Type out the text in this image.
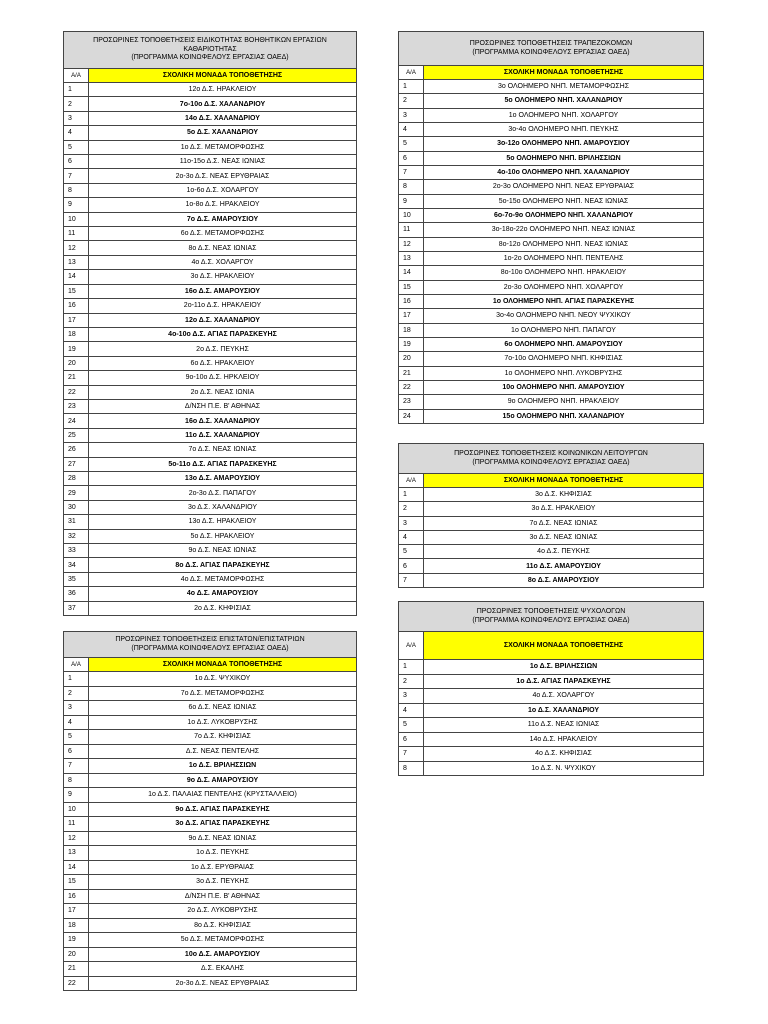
ΠΡΟΣΩΡΙΝΕΣ ΤΟΠΟΘΕΤΗΣΕΙΣ ΕΙΔΙΚΟΤΗΤΑΣ ΒΟΗΘΗΤΙΚΩΝ ΕΡΓΑΣΙΩΝ ΚΑΘΑΡΙΟΤΗΤΑΣ
(ΠΡΟΓΡΑΜΜΑ ΚΟΙΝΩΦΕΛΟΥΣ ΕΡΓΑΣΙΑΣ ΟΑΕΔ)	

Α/Α	ΣΧΟΛΙΚΗ ΜΟΝΑΔΑ ΤΟΠΟΘΕΤΗΣΗΣ
1	12ο Δ.Σ. ΗΡΑΚΛΕΙΟΥ
2	7ο-10ο Δ.Σ. ΧΑΛΑΝΔΡΙΟΥ
3	14ο Δ.Σ. ΧΑΛΑΝΔΡΙΟΥ
4	5ο Δ.Σ. ΧΑΛΑΝΔΡΙΟΥ
5	1ο Δ.Σ. ΜΕΤΑΜΟΡΦΩΣΗΣ
6	11ο-15ο Δ.Σ. ΝΕΑΣ ΙΩΝΙΑΣ
7	2ο-3ο Δ.Σ. ΝΕΑΣ ΕΡΥΘΡΑΙΑΣ
8	1ο-6ο Δ.Σ. ΧΟΛΑΡΓΟΥ
9	1ο-8ο Δ.Σ. ΗΡΑΚΛΕΙΟΥ
10	7ο Δ.Σ. ΑΜΑΡΟΥΣΙΟΥ
11	6ο Δ.Σ. ΜΕΤΑΜΟΡΦΩΣΗΣ
12	8ο Δ.Σ. ΝΕΑΣ ΙΩΝΙΑΣ
13	4ο Δ.Σ. ΧΟΛΑΡΓΟΥ
14	3ο Δ.Σ. ΗΡΑΚΛΕΙΟΥ
15	16ο Δ.Σ. ΑΜΑΡΟΥΣΙΟΥ
16	2ο-11ο Δ.Σ. ΗΡΑΚΛΕΙΟΥ
17	12ο Δ.Σ. ΧΑΛΑΝΔΡΙΟΥ
18	4ο-10ο Δ.Σ. ΑΓΙΑΣ ΠΑΡΑΣΚΕΥΗΣ
19	2ο Δ.Σ. ΠΕΥΚΗΣ
20	6ο Δ.Σ. ΗΡΑΚΛΕΙΟΥ
21	9ο-10ο Δ.Σ. ΗΡΚΛΕΙΟΥ
22	2ο Δ.Σ. ΝΕΑΣ ΙΩΝΙΑ
23	Δ/ΝΣΗ Π.Ε. Β' ΑΘΗΝΑΣ
24	16ο Δ.Σ. ΧΑΛΑΝΔΡΙΟΥ
25	11ο Δ.Σ. ΧΑΛΑΝΔΡΙΟΥ
26	7ο Δ.Σ. ΝΕΑΣ ΙΩΝΙΑΣ
27	5ο-11ο Δ.Σ. ΑΓΙΑΣ ΠΑΡΑΣΚΕΥΗΣ
28	13ο Δ.Σ. ΑΜΑΡΟΥΣΙΟΥ
29	2ο-3ο Δ.Σ. ΠΑΠΑΓΟΥ
30	3ο Δ.Σ. ΧΑΛΑΝΔΡΙΟΥ
31	13ο Δ.Σ. ΗΡΑΚΛΕΙΟΥ
32	5ο Δ.Σ. ΗΡΑΚΛΕΙΟΥ
33	9ο Δ.Σ. ΝΕΑΣ ΙΩΝΙΑΣ
34	8ο Δ.Σ. ΑΓΙΑΣ ΠΑΡΑΣΚΕΥΗΣ
35	4ο Δ.Σ. ΜΕΤΑΜΟΡΦΩΣΗΣ
36	4ο Δ.Σ. ΑΜΑΡΟΥΣΙΟΥ
37	2ο Δ.Σ. ΚΗΦΙΣΙΑΣ
ΠΡΟΣΩΡΙΝΕΣ ΤΟΠΟΘΕΤΗΣΕΙΣ ΤΡΑΠΕΖΟΚΟΜΩΝ
(ΠΡΟΓΡΑΜΜΑ ΚΟΙΝΩΦΕΛΟΥΣ ΕΡΓΑΣΙΑΣ ΟΑΕΔ)	

Α/Α	ΣΧΟΛΙΚΗ ΜΟΝΑΔΑ ΤΟΠΟΘΕΤΗΣΗΣ
1	3ο ΟΛΟΗΜΕΡΟ ΝΗΠ. ΜΕΤΑΜΟΡΦΩΣΗΣ
2	5ο ΟΛΟΗΜΕΡΟ ΝΗΠ. ΧΑΛΑΝΔΡΙΟΥ
3	1ο ΟΛΟΗΜΕΡΟ ΝΗΠ. ΧΟΛΑΡΓΟΥ
4	3ο-4ο ΟΛΟΗΜΕΡΟ ΝΗΠ. ΠΕΥΚΗΣ
5	3ο-12ο ΟΛΟΗΜΕΡΟ ΝΗΠ. ΑΜΑΡΟΥΣΙΟΥ
6	5ο ΟΛΟΗΜΕΡΟ ΝΗΠ. ΒΡΙΛΗΣΣΙΩΝ
7	4ο-10ο ΟΛΟΗΜΕΡΟ ΝΗΠ. ΧΑΛΑΝΔΡΙΟΥ
8	2ο-3ο ΟΛΟΗΜΕΡΟ ΝΗΠ. ΝΕΑΣ ΕΡΥΘΡΑΙΑΣ
9	5ο-15ο ΟΛΟΗΜΕΡΟ ΝΗΠ. ΝΕΑΣ ΙΩΝΙΑΣ
10	6ο-7ο-9ο ΟΛΟΗΜΕΡΟ ΝΗΠ. ΧΑΛΑΝΔΡΙΟΥ
11	3ο-18ο-22ο ΟΛΟΗΜΕΡΟ ΝΗΠ. ΝΕΑΣ ΙΩΝΙΑΣ
12	8ο-12ο ΟΛΟΗΜΕΡΟ ΝΗΠ. ΝΕΑΣ ΙΩΝΙΑΣ
13	1ο-2ο ΟΛΟΗΜΕΡΟ ΝΗΠ. ΠΕΝΤΕΛΗΣ
14	8ο-10ο ΟΛΟΗΜΕΡΟ ΝΗΠ. ΗΡΑΚΛΕΙΟΥ
15	2ο-3ο ΟΛΟΗΜΕΡΟ ΝΗΠ. ΧΟΛΑΡΓΟΥ
16	1ο ΟΛΟΗΜΕΡΟ ΝΗΠ. ΑΓΙΑΣ ΠΑΡΑΣΚΕΥΗΣ
17	3ο-4ο ΟΛΟΗΜΕΡΟ ΝΗΠ. ΝΕΟΥ ΨΥΧΙΚΟΥ
18	1ο ΟΛΟΗΜΕΡΟ ΝΗΠ. ΠΑΠΑΓΟΥ
19	6ο ΟΛΟΗΜΕΡΟ ΝΗΠ. ΑΜΑΡΟΥΣΙΟΥ
20	7ο-10ο ΟΛΟΗΜΕΡΟ ΝΗΠ. ΚΗΦΙΣΙΑΣ
21	1ο ΟΛΟΗΜΕΡΟ ΝΗΠ. ΛΥΚΟΒΡΥΣΗΣ
22	10ο ΟΛΟΗΜΕΡΟ ΝΗΠ. ΑΜΑΡΟΥΣΙΟΥ
23	9ο ΟΛΟΗΜΕΡΟ ΝΗΠ. ΗΡΑΚΛΕΙΟΥ
24	15ο ΟΛΟΗΜΕΡΟ ΝΗΠ. ΧΑΛΑΝΔΡΙΟΥ
ΠΡΟΣΩΡΙΝΕΣ ΤΟΠΟΘΕΤΗΣΕΙΣ ΚΟΙΝΩΝΙΚΩΝ ΛΕΙΤΟΥΡΓΩΝ
(ΠΡΟΓΡΑΜΜΑ ΚΟΙΝΩΦΕΛΟΥΣ ΕΡΓΑΣΙΑΣ ΟΑΕΔ)	

Α/Α	ΣΧΟΛΙΚΗ ΜΟΝΑΔΑ ΤΟΠΟΘΕΤΗΣΗΣ
1	3ο Δ.Σ. ΚΗΦΙΣΙΑΣ
2	3ο Δ.Σ. ΗΡΑΚΛΕΙΟΥ
3	7ο Δ.Σ. ΝΕΑΣ ΙΩΝΙΑΣ
4	3ο Δ.Σ. ΝΕΑΣ ΙΩΝΙΑΣ
5	4ο Δ.Σ. ΠΕΥΚΗΣ
6	11ο Δ.Σ. ΑΜΑΡΟΥΣΙΟΥ
7	8ο Δ.Σ. ΑΜΑΡΟΥΣΙΟΥ
ΠΡΟΣΩΡΙΝΕΣ ΤΟΠΟΘΕΤΗΣΕΙΣ ΨΥΧΟΛΟΓΩΝ
(ΠΡΟΓΡΑΜΜΑ ΚΟΙΝΩΦΕΛΟΥΣ ΕΡΓΑΣΙΑΣ ΟΑΕΔ)	

Α/Α	ΣΧΟΛΙΚΗ ΜΟΝΑΔΑ ΤΟΠΟΘΕΤΗΣΗΣ
1	1ο Δ.Σ. ΒΡΙΛΗΣΣΙΩΝ
2	1ο Δ.Σ. ΑΓΙΑΣ ΠΑΡΑΣΚΕΥΗΣ
3	4ο Δ.Σ. ΧΟΛΑΡΓΟΥ
4	1ο Δ.Σ. ΧΑΛΑΝΔΡΙΟΥ
5	11ο Δ.Σ. ΝΕΑΣ ΙΩΝΙΑΣ
6	14ο Δ.Σ. ΗΡΑΚΛΕΙΟΥ
7	4ο Δ.Σ. ΚΗΦΙΣΙΑΣ
8	1ο Δ.Σ. Ν. ΨΥΧΙΚΟΥ
ΠΡΟΣΩΡΙΝΕΣ ΤΟΠΟΘΕΤΗΣΕΙΣ ΕΠΙΣΤΑΤΩΝ/ΕΠΙΣΤΑΤΡΙΩΝ
(ΠΡΟΓΡΑΜΜΑ ΚΟΙΝΩΦΕΛΟΥΣ ΕΡΓΑΣΙΑΣ ΟΑΕΔ)	

Α/Α	ΣΧΟΛΙΚΗ ΜΟΝΑΔΑ ΤΟΠΟΘΕΤΗΣΗΣ
1	1ο Δ.Σ. ΨΥΧΙΚΟΥ
2	7ο Δ.Σ. ΜΕΤΑΜΟΡΦΩΣΗΣ
3	6ο Δ.Σ. ΝΕΑΣ ΙΩΝΙΑΣ
4	1ο Δ.Σ. ΛΥΚΟΒΡΥΣΗΣ
5	7ο Δ.Σ. ΚΗΦΙΣΙΑΣ
6	Δ.Σ. ΝΕΑΣ ΠΕΝΤΕΛΗΣ
7	1ο Δ.Σ. ΒΡΙΛΗΣΣΙΩΝ
8	9ο Δ.Σ. ΑΜΑΡΟΥΣΙΟΥ
9	1ο Δ.Σ. ΠΑΛΑΙΑΣ ΠΕΝΤΕΛΗΣ (ΚΡΥΣΤΑΛΛΕΙΟ)
10	9ο Δ.Σ. ΑΓΙΑΣ ΠΑΡΑΣΚΕΥΗΣ
11	3ο Δ.Σ. ΑΓΙΑΣ ΠΑΡΑΣΚΕΥΗΣ
12	9ο Δ.Σ. ΝΕΑΣ ΙΩΝΙΑΣ
13	1ο Δ.Σ. ΠΕΥΚΗΣ
14	1ο Δ.Σ. ΕΡΥΘΡΑΙΑΣ
15	3ο Δ.Σ. ΠΕΥΚΗΣ
16	Δ/ΝΣΗ Π.Ε. Β' ΑΘΗΝΑΣ
17	2ο Δ.Σ. ΛΥΚΟΒΡΥΣΗΣ
18	8ο Δ.Σ. ΚΗΦΙΣΙΑΣ
19	5ο Δ.Σ. ΜΕΤΑΜΟΡΦΩΣΗΣ
20	10ο Δ.Σ. ΑΜΑΡΟΥΣΙΟΥ
21	Δ.Σ. ΕΚΑΛΗΣ
22	2ο-3ο Δ.Σ. ΝΕΑΣ ΕΡΥΘΡΑΙΑΣ
